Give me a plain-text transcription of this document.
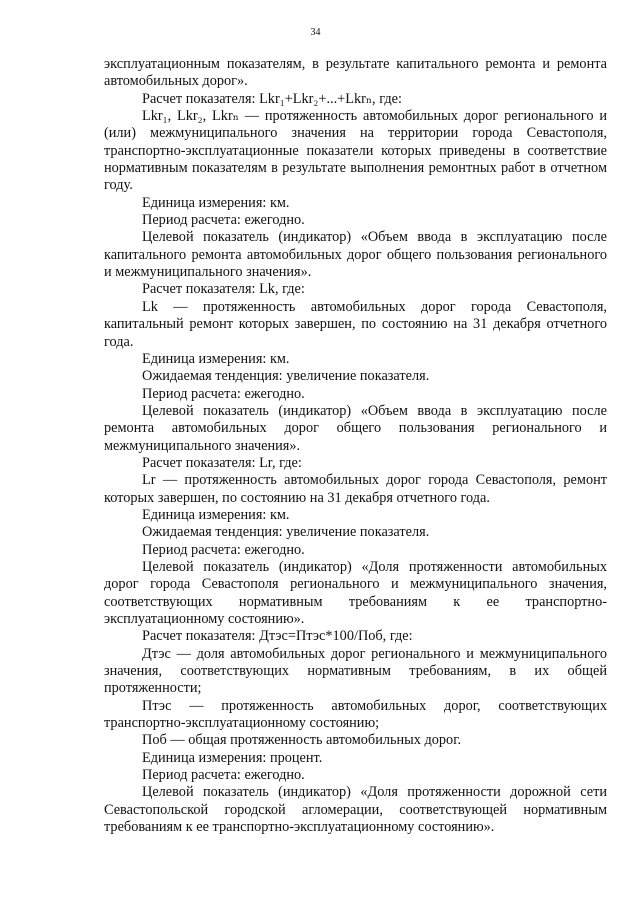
34

эксплуатационным показателям, в результате капитального ремонта и ремонта автомобильных дорог».

Расчет показателя: Lkr₁+Lkr₂+...+Lkrₙ, где:

Lkr₁, Lkr₂, Lkrₙ — протяженность автомобильных дорог регионального и (или) межмуниципального значения на территории города Севастополя, транспортно-эксплуатационные показатели которых приведены в соответствие нормативным показателям в результате выполнения ремонтных работ в отчетном году.

Единица измерения: км.

Период расчета: ежегодно.

Целевой показатель (индикатор) «Объем ввода в эксплуатацию после капитального ремонта автомобильных дорог общего пользования регионального и межмуниципального значения».

Расчет показателя: Lk, где:

Lk — протяженность автомобильных дорог города Севастополя, капитальный ремонт которых завершен, по состоянию на 31 декабря отчетного года.

Единица измерения: км.

Ожидаемая тенденция: увеличение показателя.

Период расчета: ежегодно.

Целевой показатель (индикатор) «Объем ввода в эксплуатацию после ремонта автомобильных дорог общего пользования регионального и межмуниципального значения».

Расчет показателя: Lr, где:

Lr — протяженность автомобильных дорог города Севастополя, ремонт которых завершен, по состоянию на 31 декабря отчетного года.

Единица измерения: км.

Ожидаемая тенденция: увеличение показателя.

Период расчета: ежегодно.

Целевой показатель (индикатор) «Доля протяженности автомобильных дорог города Севастополя регионального и межмуниципального значения, соответствующих нормативным требованиям к ее транспортно-эксплуатационному состоянию».

Расчет показателя: Дтэс=Птэс*100/Поб, где:

Дтэс — доля автомобильных дорог регионального и межмуниципального значения, соответствующих нормативным требованиям, в их общей протяженности;

Птэс — протяженность автомобильных дорог, соответствующих транспортно-эксплуатационному состоянию;

Поб — общая протяженность автомобильных дорог.

Единица измерения: процент.

Период расчета: ежегодно.

Целевой показатель (индикатор) «Доля протяженности дорожной сети Севастопольской городской агломерации, соответствующей нормативным требованиям к ее транспортно-эксплуатационному состоянию».
